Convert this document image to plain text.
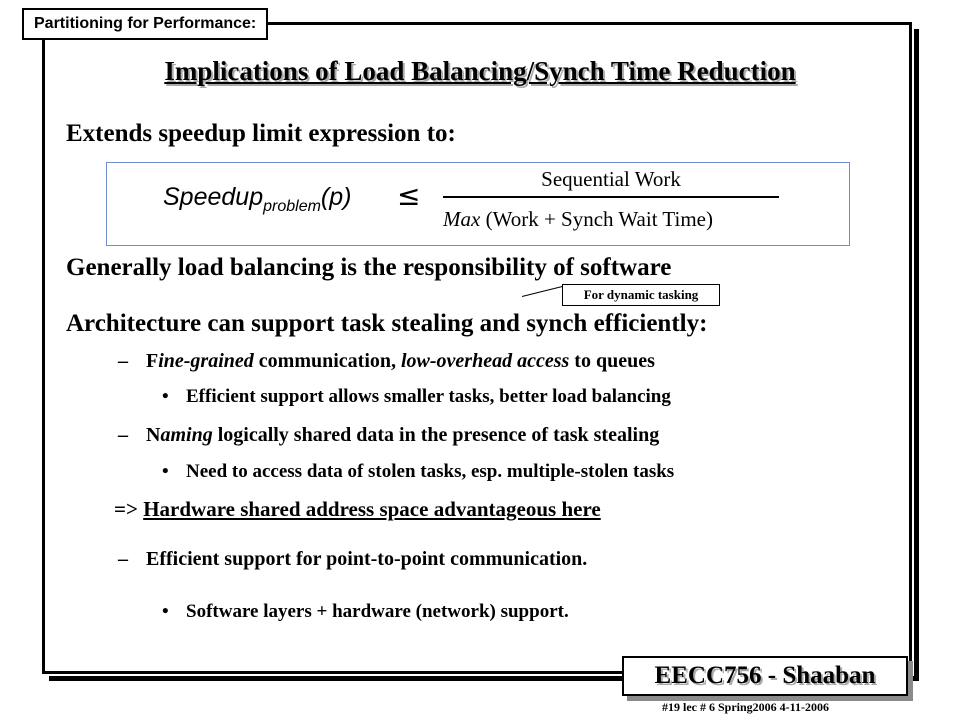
Partitioning for Performance:
Implications of Load Balancing/Synch Time Reduction
Extends speedup limit expression to:
Speedup$_{problem}$(p) ≤	Sequential Work
Max (Work + Synch Wait Time)
Generally load balancing is the responsibility of software
For dynamic tasking
Architecture can support task stealing and synch efficiently:
– Fine-grained communication, low-overhead access to queues
• Efficient support allows smaller tasks, better load balancing
– Naming logically shared data in the presence of task stealing
• Need to access data of stolen tasks, esp. multiple-stolen tasks
=> Hardware shared address space advantageous here
– Efficient support for point-to-point communication.
• Software layers + hardware (network) support.
EECC756 - Shaaban
#19 lec # 6 Spring2006 4-11-2006
